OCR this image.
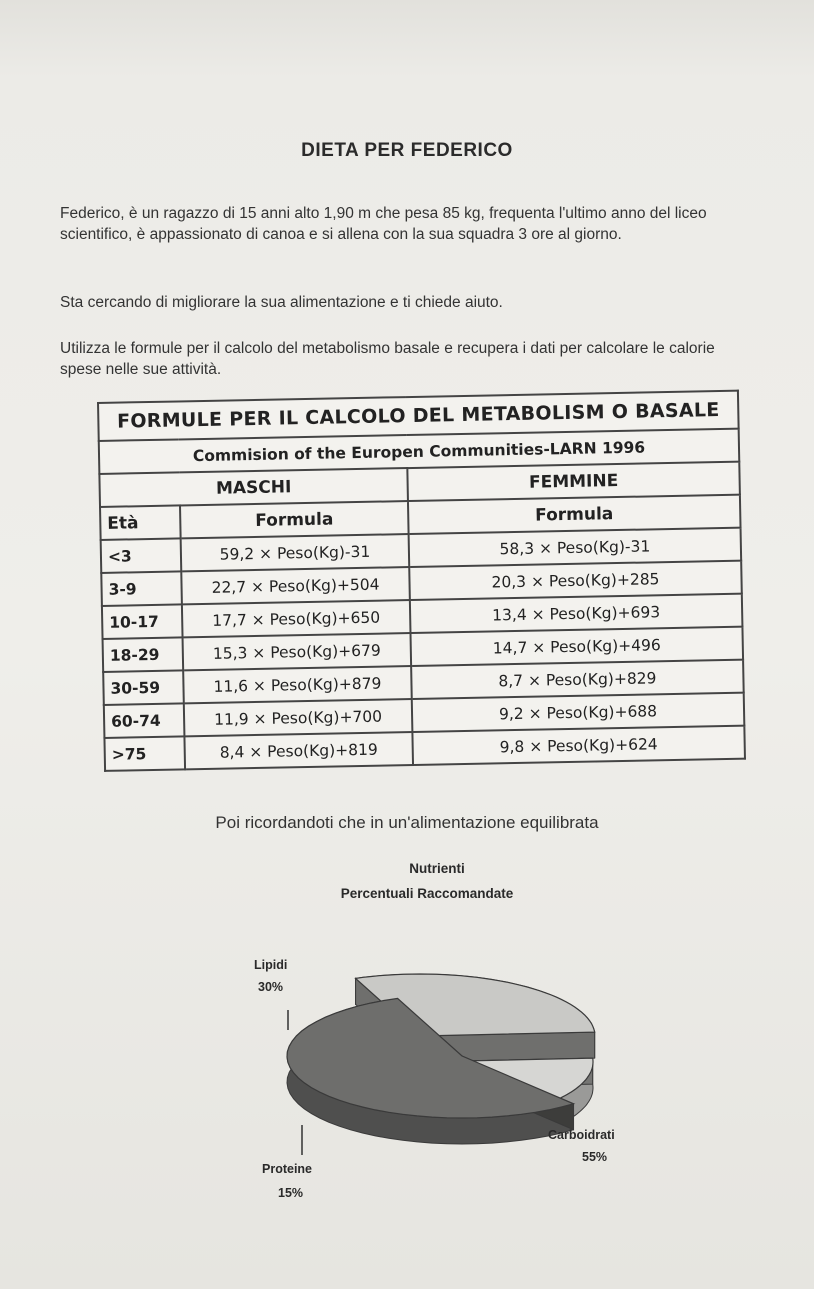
DIETA PER FEDERICO
Federico, è un ragazzo di 15 anni alto 1,90 m che pesa 85 kg, frequenta l'ultimo anno del liceo scientifico, è appassionato di canoa e si allena con la sua squadra 3 ore al giorno.
Sta cercando di migliorare la sua alimentazione e ti chiede aiuto.
Utilizza le formule per il calcolo del metabolismo basale e recupera i dati per calcolare le calorie spese nelle sue attività.
FORMULE PER IL CALCOLO DEL METABOLISM O BASALE		
Commision of the Europen Communities-LARN 1996		
MASCHI		FEMMINE
Età	Formula	Formula
<3	59,2 × Peso(Kg)-31	58,3 × Peso(Kg)-31
3-9	22,7 × Peso(Kg)+504	20,3 × Peso(Kg)+285
10-17	17,7 × Peso(Kg)+650	13,4 × Peso(Kg)+693
18-29	15,3 × Peso(Kg)+679	14,7 × Peso(Kg)+496
30-59	11,6 × Peso(Kg)+879	8,7 × Peso(Kg)+829
60-74	11,9 × Peso(Kg)+700	9,2 × Peso(Kg)+688
>75	8,4 × Peso(Kg)+819	9,8 × Peso(Kg)+624
Poi ricordandoti che in un'alimentazione equilibrata
Nutrienti
Percentuali Raccomandate
Lipidi
30%
Carboidrati
55%
Proteine
15%
